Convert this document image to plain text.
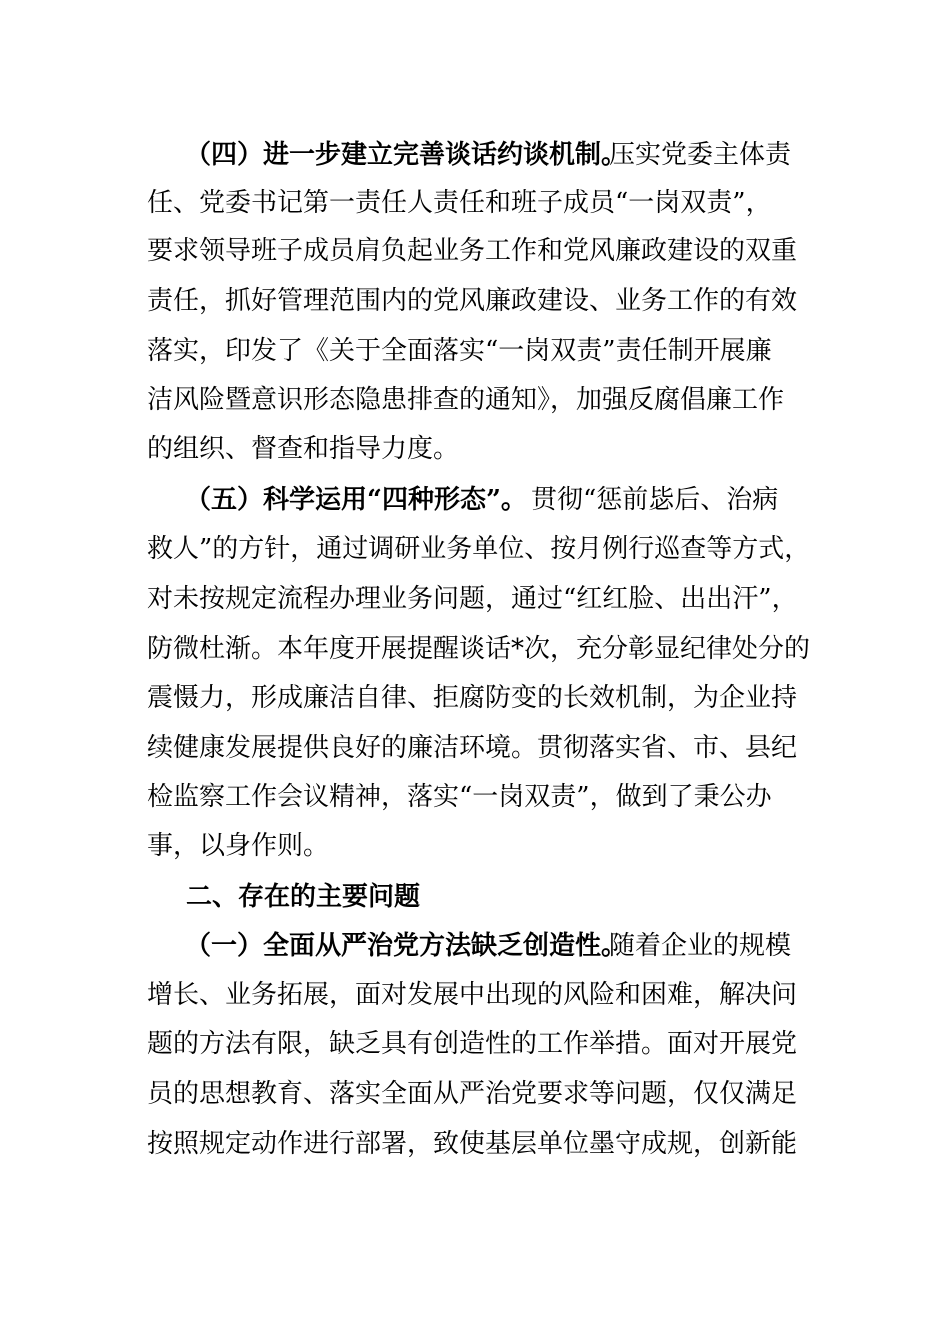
（四）进一步建立完善谈话约谈机制。
压实党委主体责
任、党委书记第一责任人责任和班子成员“一岗双责”，
要求领导班子成员肩负起业务工作和党风廉政建设的双重
责任，抓好管理范围内的党风廉政建设、业务工作的有效
落实，印发了《关于全面落实“一岗双责”责任制开展廉
洁风险暨意识形态隐患排查的通知》，加强反腐倡廉工作
的组织、督查和指导力度。
（五）科学运用“四种形态”。 贯彻“惩前毖后、治病
救人”的方针，通过调研业务单位、按月例行巡查等方式，
对未按规定流程办理业务问题，通过“红红脸、出出汗”，
防微杜渐。本年度开展提醒谈话*次，充分彰显纪律处分的
震慑力，形成廉洁自律、拒腐防变的长效机制，为企业持
续健康发展提供良好的廉洁环境。贯彻落实省、市、县纪
检监察工作会议精神，落实“一岗双责”，做到了秉公办
事，以身作则。
二、存在的主要问题
（一）全面从严治党方法缺乏创造性。
随着企业的规模
增长、业务拓展，面对发展中出现的风险和困难，解决问
题的方法有限，缺乏具有创造性的工作举措。面对开展党
员的思想教育、落实全面从严治党要求等问题，仅仅满足
按照规定动作进行部署，致使基层单位墨守成规，创新能
